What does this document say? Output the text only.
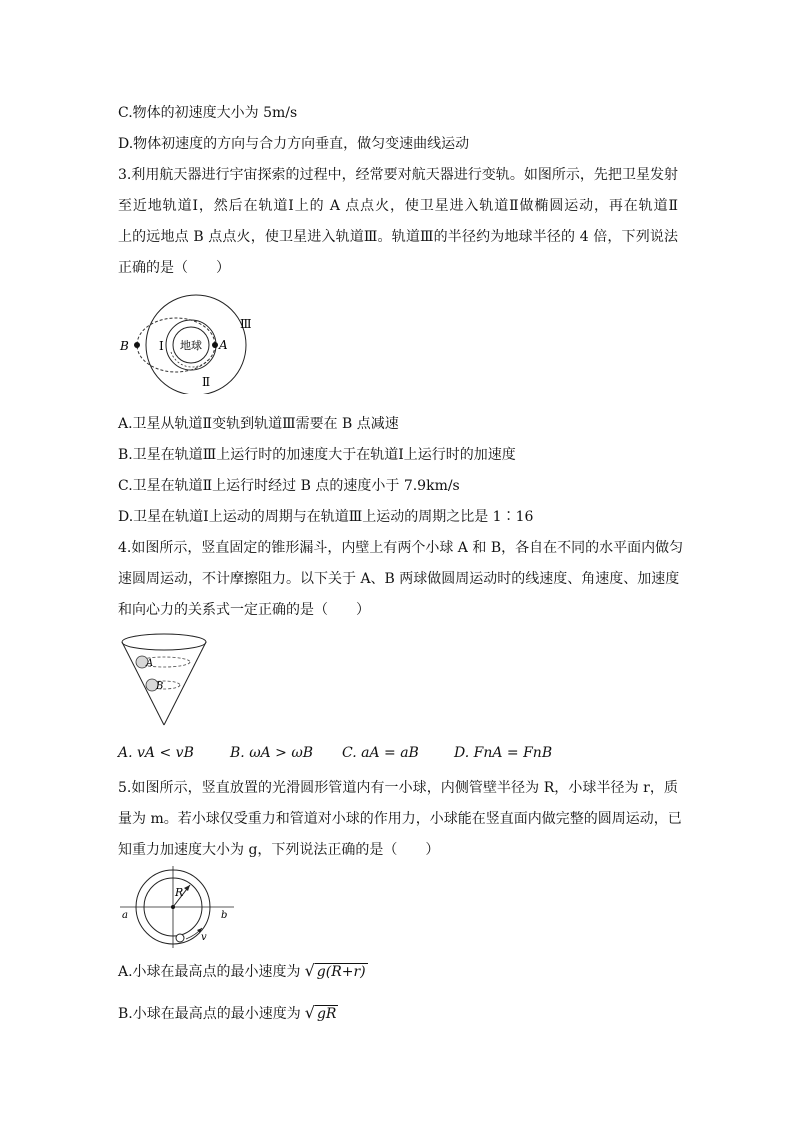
C.物体的初速度大小为 5m/s
D.物体初速度的方向与合力方向垂直，做匀变速曲线运动
3.利用航天器进行宇宙探索的过程中，经常要对航天器进行变轨。如图所示，先把卫星发射
至近地轨道Ⅰ，然后在轨道Ⅰ上的 A 点点火，使卫星进入轨道Ⅱ做椭圆运动，再在轨道Ⅱ
上的远地点 B 点点火，使卫星进入轨道Ⅲ。轨道Ⅲ的半径约为地球半径的 4 倍，下列说法
正确的是（　　）
地球
B	A
Ⅰ
Ⅱ
Ⅲ
A.卫星从轨道Ⅱ变轨到轨道Ⅲ需要在 B 点减速
B.卫星在轨道Ⅲ上运行时的加速度大于在轨道Ⅰ上运行时的加速度
C.卫星在轨道Ⅱ上运行时经过 B 点的速度小于 7.9km/s
D.卫星在轨道Ⅰ上运动的周期与在轨道Ⅲ上运动的周期之比是 1∶16
4.如图所示，竖直固定的锥形漏斗，内壁上有两个小球 A 和 B，各自在不同的水平面内做匀
速圆周运动，不计摩擦阻力。以下关于 A、B 两球做圆周运动时的线速度、角速度、加速度
和向心力的关系式一定正确的是（　　）
A
B
A. vA < vB	B. ωA > ωB C. aA = aB	D. FnA = FnB
5.如图所示，竖直放置的光滑圆形管道内有一小球，内侧管壁半径为 R，小球半径为 r，质
量为 m。若小球仅受重力和管道对小球的作用力，小球能在竖直面内做完整的圆周运动，已
知重力加速度大小为 g，下列说法正确的是（　　）
R
a	b
v
A.小球在最高点的最小速度为 √ g(R+r)
B.小球在最高点的最小速度为 √ gR
